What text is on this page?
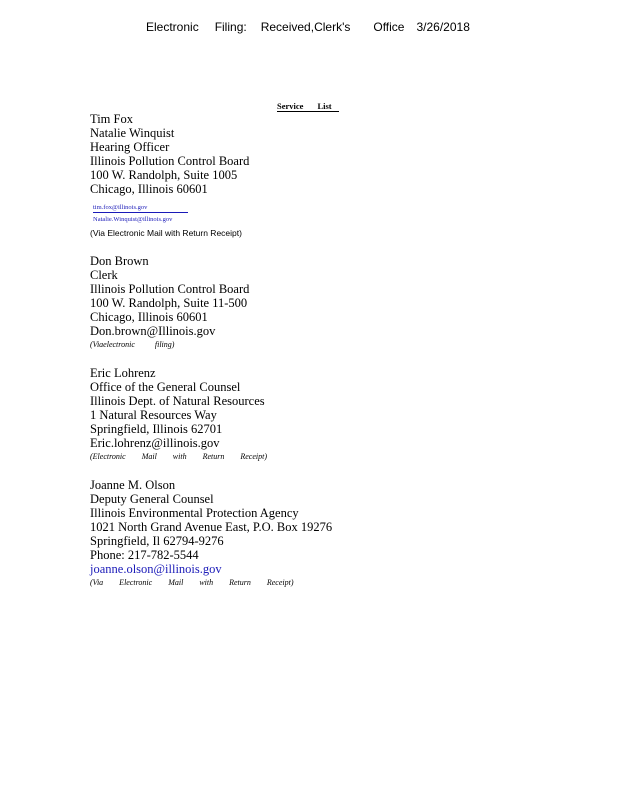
Electronic Filing: Received,Clerk's Office 3/26/2018
Service List
Tim Fox
Natalie Winquist
Hearing Officer
Illinois Pollution Control Board
100 W. Randolph, Suite 1005
Chicago, Illinois 60601
tim.fox@illinois.gov
Natalie.Winquist@illinois.gov
(Via Electronic Mail with Return Receipt)
Don Brown
Clerk
Illinois Pollution Control Board
100 W. Randolph, Suite 11-500
Chicago, Illinois 60601
Don.brown@Illinois.gov
(Viaelectronic filing)
Eric Lohrenz
Office of the General Counsel
Illinois Dept. of Natural Resources
1 Natural Resources Way
Springfield, Illinois 62701
Eric.lohrenz@illinois.gov
(Electronic Mail with Return Receipt)
Joanne M. Olson
Deputy General Counsel
Illinois Environmental Protection Agency
1021 North Grand Avenue East, P.O. Box 19276
Springfield, Il 62794-9276
Phone: 217-782-5544
joanne.olson@illinois.gov
(Via Electronic Mail with Return Receipt)
